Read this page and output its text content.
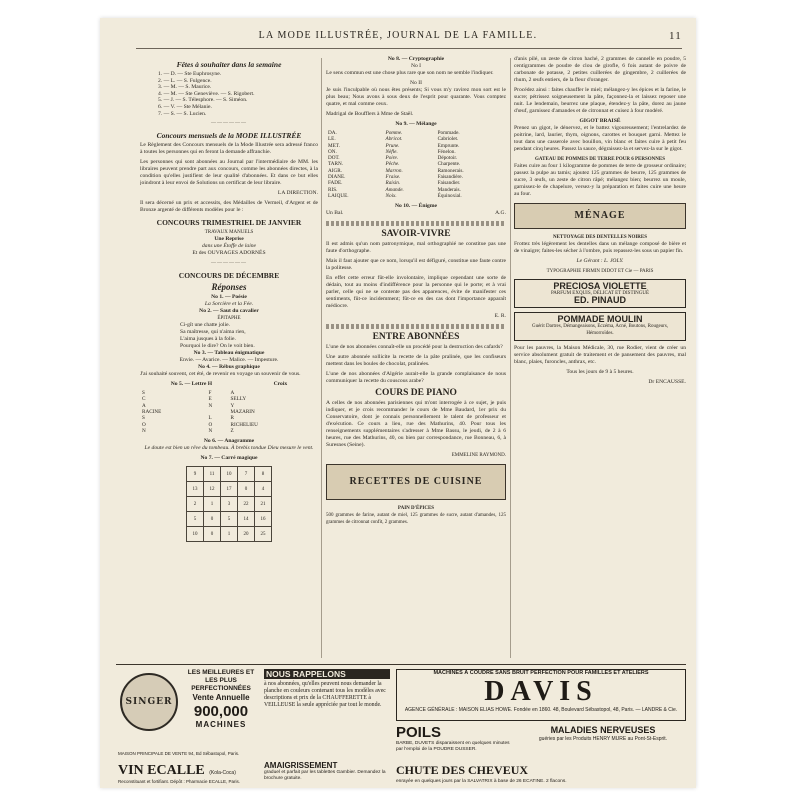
LA MODE ILLUSTRÉE, JOURNAL DE LA FAMILLE.	11
Fêtes à souhaiter dans la semaine
1. — D. — Ste Euphrosyne.
2. — L. — S. Fulgence.
3. — M. — S. Maurice.
4. — M. — Ste Geneviève. — S. Rigobert.
5. — J. — S. Télesphore. — S. Siméon.
6. — V. — Ste Mélanie.
7. — S. — S. Lucien.
——————
Concours mensuels de la MODE ILLUSTRÉE

Le Règlement des Concours mensuels de la Mode Illustrée sera adressé franco à toutes les personnes qui en feront la demande affranchie.

Les personnes qui sont abonnées au Journal par l'intermédiaire de MM. les libraires peuvent prendre part aux concours, comme les abonnées directes, à la condition qu'elles justifient de leur qualité d'abonnées. Et dans ce but elles joindront à leur envoi de Solutions un certificat de leur libraire.

LA DIRECTION.

Il sera décerné un prix et accessits, des Médailles de Vermeil, d'Argent et de Bronze argenté de différents modèles pour le :

CONCOURS TRIMESTRIEL DE JANVIER
TRAVAUX MANUELS
Une Reprise
dans une Étoffe de laine
Et des OUVRAGES ADORNÉS
——————
CONCOURS DE DÉCEMBRE
Réponses
No 1. — Poésie
La Sorcière et la Fée.
No 2. — Saut du cavalier
ÉPITAPHE
Ci-gît une chatte jolie.
Sa maîtresse, qui n'aima rien,
L'aima jusques à la folie.
Pourquoi le dire? On le voit bien.
No 3. — Tableau énigmatique
Envie. — Avarice. — Malice. — Impesture.
No 4. — Rébus graphique

J'ai souhaité souvent, cet été, de revenir en voyage un souvenir de vous.

No 5. — Lettre H	Croix
S	F	A
C	E	SELLY
A	N	Y
RACINE		MAZARIN
S	L	R
O	O	RICHELIEU
N	N	Z
No 6. — Anagramme

Le doute est bien un rêve du tombeau. À brebis tondue Dieu mesure le vent.

No 7. — Carré magique
9	11	10	7	8
13	12	17	0	4
2	1	3	22	21
5	0	5	14	16
10	0	1	20	25
No 8. — Cryptographie
No I

Le sens commun est une chose plus rare que son nom ne semble l'indiquer.

No II

Je suis l'inculpable où nous êtes présents; Si vous m'y ravirez mon sort est le plus beau; Nous avons à sous deux de l'esprit pour quarante. Vous comptez quatre, et mal comme ceux.

Madrigal de Boufflers à Mme de Staël.

No 9. — Mélange
DA.	Pomme.	Pommade.
LE.	Abricot.	Cabriolet.
MET.	Prune.	Emprunte.
ON.	Nèfle.	Fénelon.
DOT.	Poire.	Dépotoir.
TARN.	Pêche.	Charpente.
AIGR.	Marron.	Ramonerais.
DIANE.	Fraise.	Faisandière.
FADE.	Raisin.	Faisandier.
RIS.	Amande.	Manderais.
LAIQUE.	Noix.	Équinoxial.
No 10. — Énigme
Un Bal.	A.G.
SAVOIR-VIVRE

Il est admis qu'un nom patronymique, mal orthographié ne constitue pas une faute d'orthographe.

Mais il faut ajouter que ce nom, lorsqu'il est défiguré, constitue une faute contre la politesse.

En effet cette erreur fût-elle involontaire, implique cependant une sorte de dédain, tout au moins d'indifférence pour la personne qui le porte; et à vrai parler, celle qui ne se contente pas des apparences, évite de manifester ces sentiments, fût-ce incidemment; fût-ce en des cas dont l'importance apparaît médiocre.

E. R.

ENTRE ABONNÉES

L'une de nos abonnées connaît-elle un procédé pour la destruction des cafards?

Une autre abonnée sollicite la recette de la pâte pralinée, que les confiseurs mettent dans les boules de chocolat, pralinées.

L'une de nos abonnées d'Algérie aurait-elle la grande complaisance de nous communiquer la recette du couscous arabe?

COURS DE PIANO

A celles de nos abonnées parisiennes qui m'ont interrogée à ce sujet, je puis indiquer, et je crois recommander le cours de Mme Baudard, 1er prix du Conservatoire, dont je connais personnellement le talent de professeur et d'exécution. Ce cours a lieu, rue des Mathurins, 40. Pour tous les renseignements supplémentaires s'adresser à Mme Bassu, le jeudi, de 2 à 6 heures, rue des Mathurins, 40, ou bien par correspondance, rue Bonneau, 6, à Suresnes (Seine).

EMMELINE RAYMOND.

RECETTES DE CUISINE
PAIN D'ÉPICES

500 grammes de farine, autant de miel, 125 grammes de sucre, autant d'amandes, 125 grammes de citronnat confit, 2 grammes.

d'anis pilé, un zeste de citron haché, 2 grammes de cannelle en poudre, 5 centigrammes de poudre de clou de girofle, 6 fois autant de poivre de carbonate de potasse, 2 petites cuillerées de gingembre, 2 cuillerées de rhum, 2 œufs entiers, de la fleur d'oranger.

Procédez ainsi : faites chauffer le miel; mélangez-y les épices et la farine, le sucre; pétrissez soigneusement la pâte, façonnez-la et laissez reposer une nuit. Le lendemain, beurrez une plaque, étendez-y la pâte, dorez au jaune d'œuf, garnissez d'amandes et de citronnat et cuisez à four modéré.

GIGOT BRAISÉ

Prenez un gigot, le dénervez, et le battez vigoureusement; l'entrelardez de poitrine, lard, laurier, thym, oignons, carottes et bouquet garni. Mettez le tout dans une casserole avec bouillon, vin blanc et faites cuire à petit feu pendant cinq heures. Passez la sauce, dégraissez-la et servez-la sur le gigot.

GATEAU DE POMMES DE TERRE POUR 6 PERSONNES

Faites cuire au four 1 kilogramme de pommes de terre de grosseur ordinaire; passez la pulpe au tamis; ajoutez 125 grammes de beurre, 125 grammes de sucre, 3 œufs, un zeste de citron râpé; mélangez bien; beurrez un moule, garnissez-le de chapelure, versez-y la préparation et faites cuire une heure au four.

MÉNAGE
NETTOYAGE DES DENTELLES NOIRES

Frottez très légèrement les dentelles dans un mélange composé de bière et de vinaigre; faites-les sécher à l'ombre, puis repassez-les sous un papier fin.

Le Gérant : L. JOLY.

TYPOGRAPHIE FIRMIN DIDOT ET Cie — PARIS
PRECIOSA VIOLETTE
PARFUM EXQUIS, DÉLICAT ET DISTINGUÉ
ED. PINAUD
POMMADE MOULIN
Guérit Dartres, Démangeaisons, Eczéma, Acné, Boutons, Rougeurs, Hémorroïdes.

Pour les pauvres, la Maison Médicale, 30, rue Rodier, vient de créer un service absolument gratuit de traitement et de pansement des pauvres, mal blanc, plaies, furoncles, anthrax, etc.

Tous les jours de 9 à 5 heures.

Dr ENCAUSSE.

SINGER
LES MEILLEURES ET LES PLUS PERFECTIONNÉES
Vente Annuelle
900,000
MACHINES
MAISON PRINCIPALE DE VENTE 94, Bd Sébastopol, Paris.
NOUS RAPPELONS
à nos abonnées, qu'elles peuvent nous demander la planche en couleurs contenant tous les modèles avec descriptions et prix de la CHAUFFERETTE à VEILLEUSE la seule appréciée par tout le monde.
MACHINES À COUDRE SANS BRUIT PERFECTION POUR FAMILLES ET ATELIERS
DAVIS
AGENCE GÉNÉRALE : MAISON ELIAS HOWE. Fondée en 1860. 48, Boulevard Sébastopol, 48, Paris. — LANDRE & Cie.
AMAIGRISSEMENT
graduel et parfait par les tablettes Gambier. Demandez la brochure gratuite.
POILS
BARBE, DUVETS disparaissent en quelques minutes par l'emploi de la POUDRE DUSSER.
MALADIES NERVEUSES
guéries par les Produits HENRY MURE au Pont-St-Esprit.
VIN ECALLE (Kola-Coca)
Reconstituant et fortifiant. Dépôt : Pharmacie ECALLE, Paris.
CHUTE DES CHEVEUX
enrayée en quelques jours par la SALVATRIX à base de 26 ECATINE. 2 flacons.
